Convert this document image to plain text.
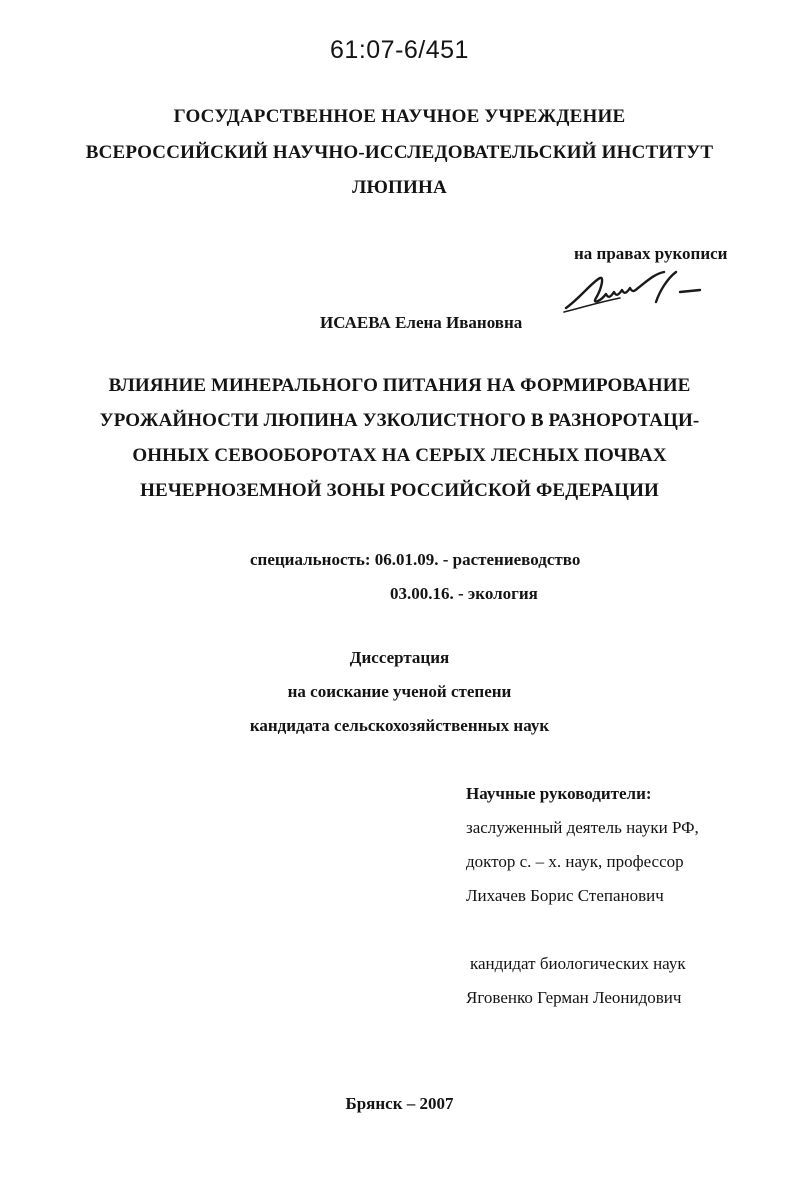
61:07-6/451
ГОСУДАРСТВЕННОЕ НАУЧНОЕ УЧРЕЖДЕНИЕ
ВСЕРОССИЙСКИЙ НАУЧНО-ИССЛЕДОВАТЕЛЬСКИЙ ИНСТИТУТ
ЛЮПИНА
на правах рукописи
ИСАЕВА Елена Ивановна
ВЛИЯНИЕ МИНЕРАЛЬНОГО ПИТАНИЯ НА ФОРМИРОВАНИЕ
УРОЖАЙНОСТИ ЛЮПИНА УЗКОЛИСТНОГО В РАЗНОРОТАЦИ-
ОННЫХ СЕВООБОРОТАХ НА СЕРЫХ ЛЕСНЫХ ПОЧВАХ
НЕЧЕРНОЗЕМНОЙ ЗОНЫ РОССИЙСКОЙ ФЕДЕРАЦИИ
специальность: 06.01.09. - растениеводство
03.00.16. - экология
Диссертация
на соискание ученой степени
кандидата сельскохозяйственных наук
Научные руководители:
заслуженный деятель науки РФ,
доктор с. – х. наук, профессор
Лихачев Борис Степанович
кандидат биологических наук
Яговенко Герман Леонидович
Брянск – 2007
